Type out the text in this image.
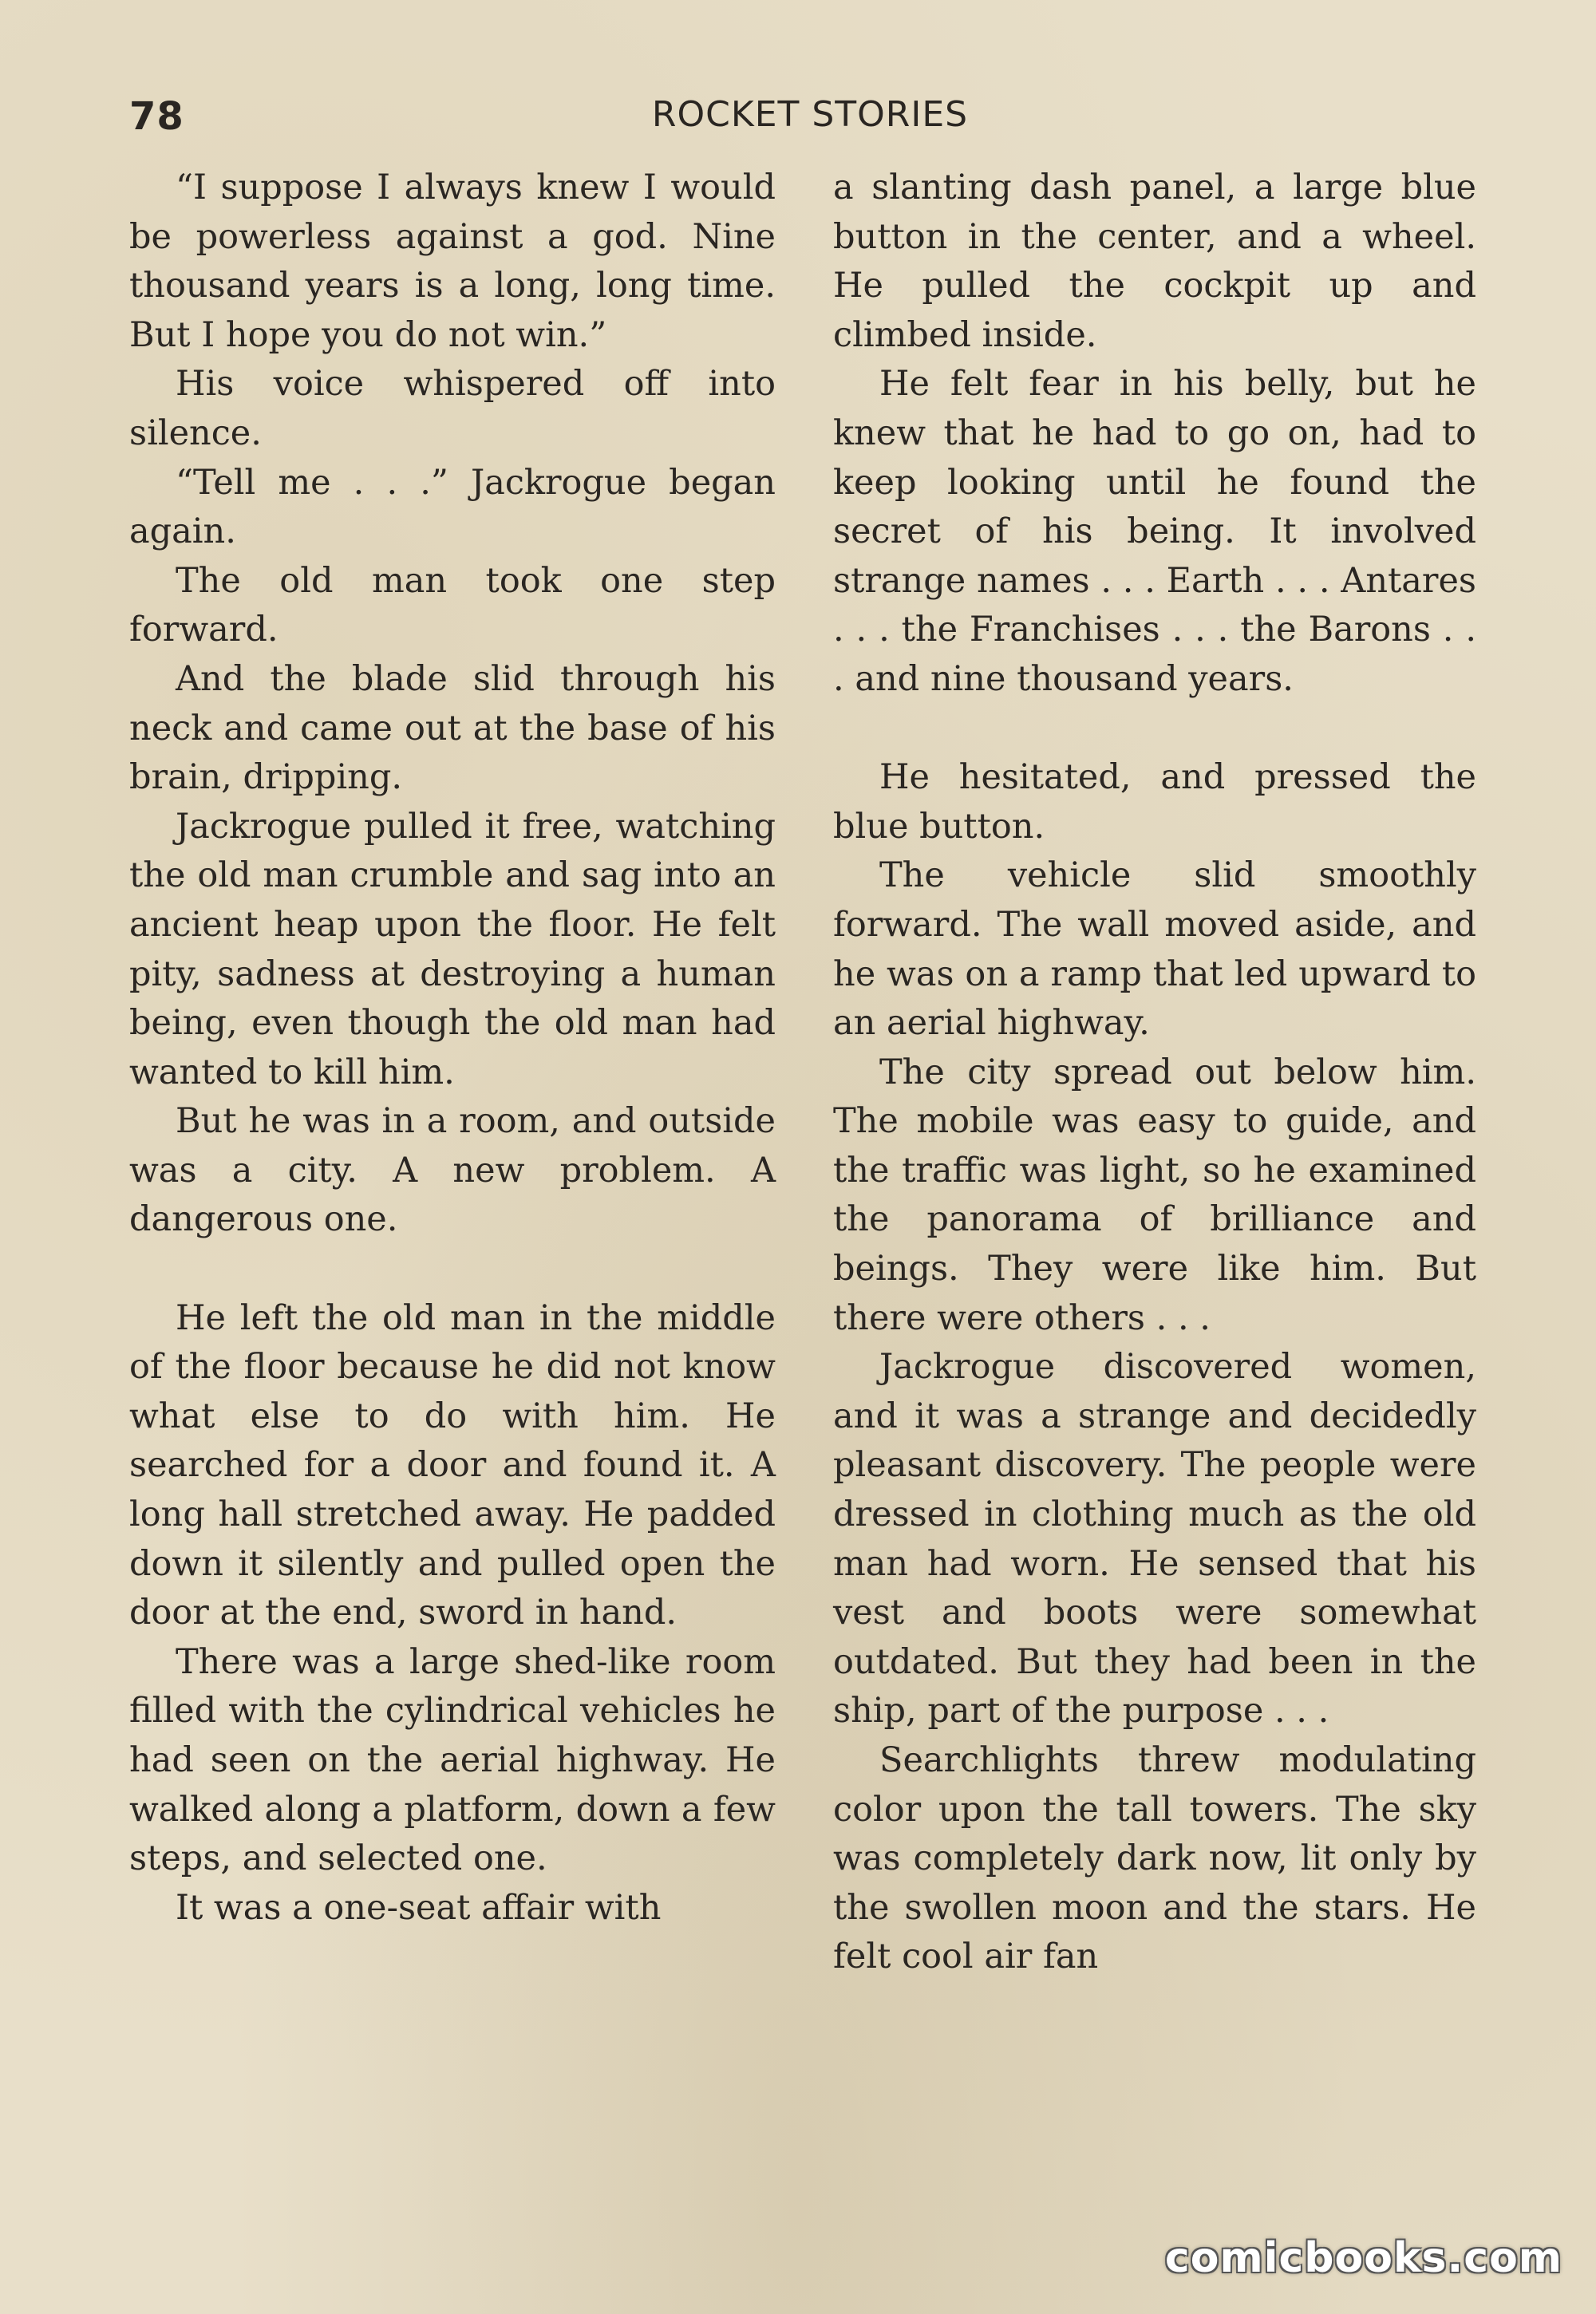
78	ROCKET STORIES

“I suppose I always knew I would be powerless against a god. Nine thousand years is a long, long time. But I hope you do not win.”

His voice whispered off into silence.

“Tell me . . .” Jackrogue began again.

The old man took one step forward.

And the blade slid through his neck and came out at the base of his brain, dripping.

Jackrogue pulled it free, watching the old man crumble and sag into an ancient heap upon the floor. He felt pity, sadness at destroying a human being, even though the old man had wanted to kill him.

But he was in a room, and outside was a city. A new problem. A dangerous one.

He left the old man in the middle of the floor because he did not know what else to do with him. He searched for a door and found it. A long hall stretched away. He padded down it silently and pulled open the door at the end, sword in hand.

There was a large shed-like room filled with the cylindrical vehicles he had seen on the aerial highway. He walked along a platform, down a few steps, and selected one.

It was a one-seat affair with

a slanting dash panel, a large blue button in the center, and a wheel. He pulled the cockpit up and climbed inside.

He felt fear in his belly, but he knew that he had to go on, had to keep looking until he found the secret of his being. It involved strange names . . . Earth . . . Antares . . . the Franchises . . . the Barons . . . and nine thousand years.

He hesitated, and pressed the blue button.

The vehicle slid smoothly forward. The wall moved aside, and he was on a ramp that led upward to an aerial highway.

The city spread out below him. The mobile was easy to guide, and the traffic was light, so he examined the panorama of brilliance and beings. They were like him. But there were others . . .

Jackrogue discovered women, and it was a strange and decidedly pleasant discovery. The people were dressed in clothing much as the old man had worn. He sensed that his vest and boots were somewhat outdated. But they had been in the ship, part of the purpose . . .

Searchlights threw modulating color upon the tall towers. The sky was completely dark now, lit only by the swollen moon and the stars. He felt cool air fan

comicbooks.com
